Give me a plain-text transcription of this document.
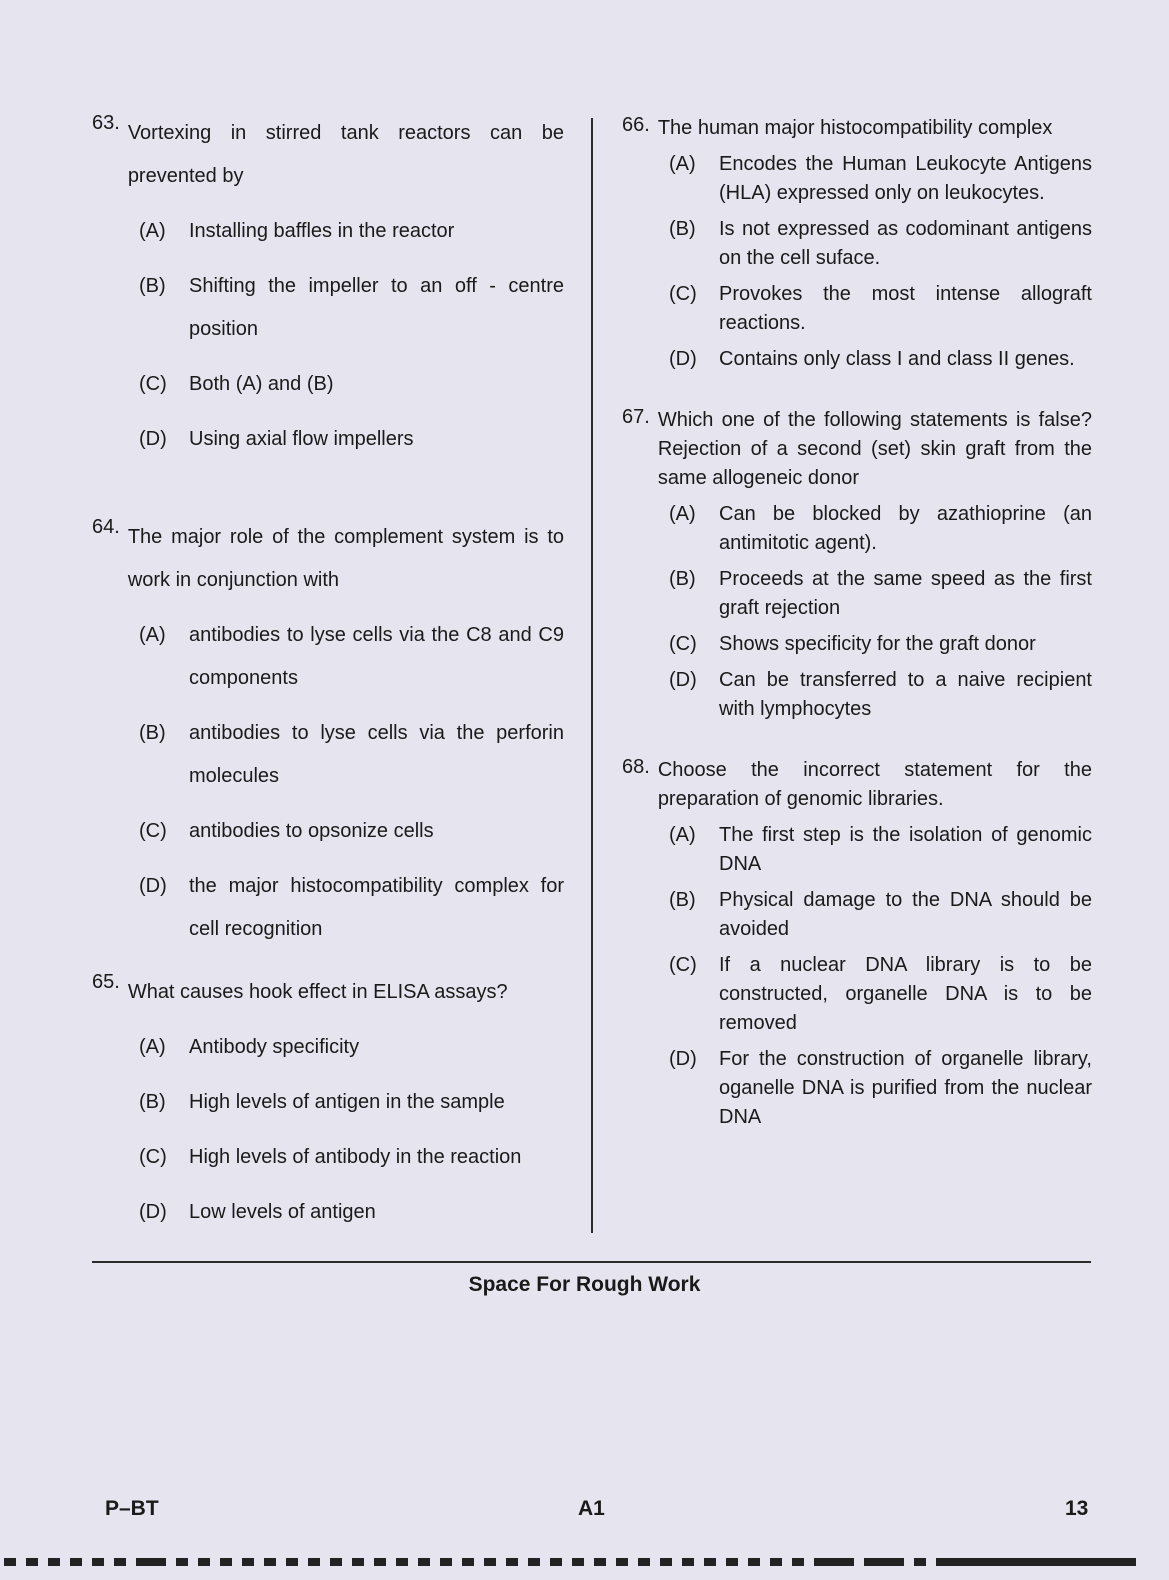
63. Vortexing in stirred tank reactors can be prevented by
(A)	Installing baffles in the reactor
(B)	Shifting the impeller to an off - centre position
(C)	Both (A) and (B)
(D)	Using axial flow impellers
64. The major role of the complement system is to work in conjunction with
(A)	antibodies to lyse cells via the C8 and C9 components
(B)	antibodies to lyse cells via the perforin molecules
(C)	antibodies to opsonize cells
(D)	the major histocompatibility complex for cell recognition
65. What causes hook effect in ELISA assays?
(A)	Antibody specificity
(B)	High levels of antigen in the sample
(C)	High levels of antibody in the reaction
(D)	Low levels of antigen
66. The human major histocompatibility complex
(A)	Encodes the Human Leukocyte Antigens (HLA) expressed only on leukocytes.
(B)	Is not expressed as codominant antigens on the cell suface.
(C)	Provokes the most intense allograft reactions.
(D)	Contains only class I and class II genes.
67. Which one of the following statements is false? Rejection of a second (set) skin graft from the same allogeneic donor
(A)	Can be blocked by azathioprine (an antimitotic agent).
(B)	Proceeds at the same speed as the first graft rejection
(C)	Shows specificity for the graft donor
(D)	Can be transferred to a naive recipient with lymphocytes
68. Choose the incorrect statement for the preparation of genomic libraries.
(A)	The first step is the isolation of genomic DNA
(B)	Physical damage to the DNA should be avoided
(C)	If a nuclear DNA library is to be constructed, organelle DNA is to be removed
(D)	For the construction of organelle library, oganelle DNA is purified from the nuclear DNA
Space For Rough Work
P–BT	A1	13
